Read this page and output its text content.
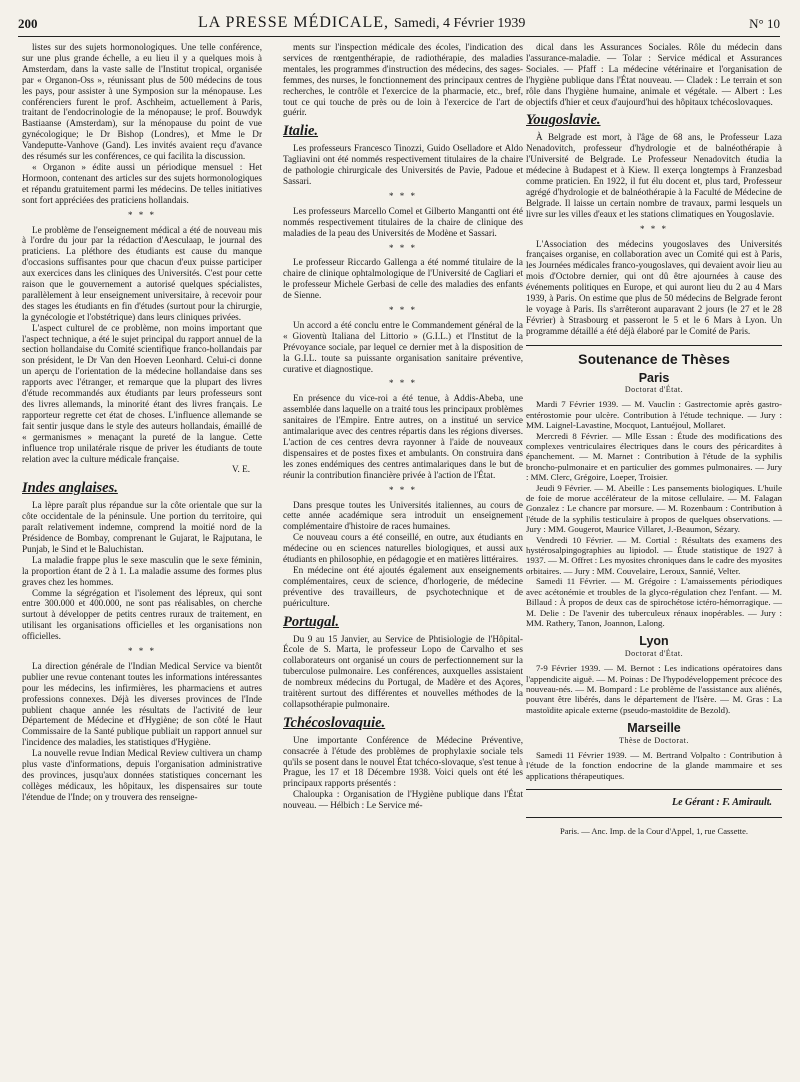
200	LA PRESSE MÉDICALE, Samedi, 4 Février 1939	N° 10

listes sur des sujets hormonologiques. Une telle conférence, sur une plus grande échelle, a eu lieu il y a quelques mois à Amsterdam, dans la vaste salle de l'Institut tropical, organisée par « Organon-Oss », réunissant plus de 500 médecins de tous les pays, pour assister à une Symposion sur la ménopause. Les conférenciers furent le prof. Aschheim, actuellement à Paris, traitant de l'endocrinologie de la ménopause; le prof. Bouwdyk Bastiaanse (Amsterdam), sur la ménopause du point de vue gynécologique; le Dr Bishop (Londres), et Mme le Dr Vandeputte-Vanhove (Gand). Les invités avaient reçu d'avance des résumés sur les conférences, ce qui facilita la discussion.

« Organon » édite aussi un périodique mensuel : Het Hormoon, contenant des articles sur des sujets hormonologiques et répandu gratuitement parmi les médecins. De telles initiatives sont fort appréciées des praticiens hollandais.

* * *

Le problème de l'enseignement médical a été de nouveau mis à l'ordre du jour par la rédaction d'Aesculaap, le journal des praticiens. La pléthore des étudiants est cause du manque d'occasions suffisantes pour que chacun d'eux puisse participer aux exercices dans les cliniques des Universités. C'est pour cette raison que le gouvernement a autorisé quelques spécialistes, parallèlement à leur enseignement universitaire, à recevoir pour des stages les étudiants en fin d'études (surtout pour la chirurgie, la gynécologie et l'obstétrique) dans leurs cliniques privées.

L'aspect culturel de ce problème, non moins important que l'aspect technique, a été le sujet principal du rapport annuel de la section hollandaise du Comité scientifique franco-hollandais par son président, le Dr Van den Hoeven Leonhard. Celui-ci donne un aperçu de l'orientation de la médecine hollandaise dans ses rapports avec l'étranger, et remarque que la plupart des livres d'étude recommandés aux étudiants par leurs professeurs sont des livres allemands, la minorité étant des livres français. Le rapporteur regrette cet état de choses. L'influence allemande se fait sentir jusque dans le style des auteurs hollandais, émaillé de « germanismes » menaçant la pureté de la langue. Cette influence trop unilatérale risque de priver les étudiants de toute relation avec la culture médicale française.

V. E.
Indes anglaises.

La lèpre paraît plus répandue sur la côte orientale que sur la côte occidentale de la péninsule. Une portion du territoire, qui paraît relativement indemne, comprend la moitié nord de la Présidence de Bombay, comprenant le Gujarat, le Rajputana, le Punjab, le Sind et le Baluchistan.

La maladie frappe plus le sexe masculin que le sexe féminin, la proportion étant de 2 à 1. La maladie assume des formes plus graves chez les hommes.

Comme la ségrégation et l'isolement des lépreux, qui sont entre 300.000 et 400.000, ne sont pas réalisables, on cherche surtout à développer de petits centres ruraux de traitement, en utilisant les organisations officielles et les organisations non officielles.

* * *

La direction générale de l'Indian Medical Service va bientôt publier une revue contenant toutes les informations intéressantes pour les médecins, les infirmières, les pharmaciens et autres professions connexes. Déjà les diverses provinces de l'Inde publient chaque année les résultats de l'activité de leur Département de Médecine et d'Hygiène; de son côté le Haut Commissaire de la Santé publique publiait un rapport annuel sur l'incidence des maladies, les statistiques d'Hygiène.

La nouvelle revue Indian Medical Review cultivera un champ plus vaste d'informations, depuis l'organisation administrative des provinces, jusqu'aux données statistiques concernant les collèges médicaux, les hôpitaux, les dispensaires sur toute l'étendue de l'Inde; on y trouvera des renseigne-

ments sur l'inspection médicale des écoles, l'indication des services de rœntgenthérapie, de radiothérapie, des maladies mentales, les programmes d'instruction des médecins, des sages-femmes, des nurses, le fonctionnement des principaux centres de recherches, le contrôle et l'exercice de la pharmacie, etc., bref, tout ce qui touche de près ou de loin à l'exercice de l'art de guérir.

Italie.

Les professeurs Francesco Tinozzi, Guido Oselladore et Aldo Tagliavini ont été nommés respectivement titulaires de la chaire de pathologie chirurgicale des Universités de Pavie, Padoue et Sassari.

* * *

Les professeurs Marcello Comel et Gilberto Mangantti ont été nommés respectivement titulaires de la chaire de clinique des maladies de la peau des Universités de Modène et Sassari.

* * *

Le professeur Riccardo Gallenga a été nommé titulaire de la chaire de clinique ophtalmologique de l'Université de Cagliari et le professeur Michele Gerbasi de celle des maladies des enfants de Sienne.

* * *

Un accord a été conclu entre le Commandement général de la « Gioventù Italiana del Littorio » (G.I.L.) et l'Institut de la Prévoyance sociale, par lequel ce dernier met à la disposition de la G.I.L. toute sa puissante organisation sanitaire préventive, curative et diagnostique.

* * *

En présence du vice-roi a été tenue, à Addis-Abeba, une assemblée dans laquelle on a traité tous les principaux problèmes sanitaires de l'Empire. Entre autres, on a institué un service antimalarique avec des centres répartis dans les régions diverses. L'action de ces centres devra rayonner à l'aide de nouveaux dispensaires et de postes fixes et ambulants. On construira dans les zones endémiques des centres antimalariques dans le but de réunir la contribution financière privée à l'action de l'État.

* * *

Dans presque toutes les Universités italiennes, au cours de cette année académique sera introduit un enseignement complémentaire d'histoire de races humaines.

Ce nouveau cours a été conseillé, en outre, aux étudiants en médecine ou en sciences naturelles biologiques, et aussi aux étudiants en philosophie, en pédagogie et en matières littéraires.

En médecine ont été ajoutés également aux enseignements complémentaires, ceux de science, d'horlogerie, de médecine préventive des travailleurs, de psychotechnique et de puériculture.

Portugal.

Du 9 au 15 Janvier, au Service de Phtisiologie de l'Hôpital-École de S. Marta, le professeur Lopo de Carvalho et ses collaborateurs ont organisé un cours de perfectionnement sur la tuberculose pulmonaire. Les conférences, auxquelles assistaient de nombreux médecins du Portugal, de Madère et des Açores, traitèrent surtout des différentes et nouvelles méthodes de la collapsothérapie pulmonaire.

Tchécoslovaquie.

Une importante Conférence de Médecine Préventive, consacrée à l'étude des problèmes de prophylaxie sociale tels qu'ils se posent dans le nouvel État tchéco-slovaque, s'est tenue à Prague, les 17 et 18 Décembre 1938. Voici quels ont été les principaux rapports présentés :

Chaloupka : Organisation de l'Hygiène publique dans l'État nouveau. — Hélbich : Le Service mé-

dical dans les Assurances Sociales. Rôle du médecin dans l'assurance-maladie. — Tolar : Service médical et Assurances Sociales. — Pfaff : La médecine vétérinaire et l'organisation de l'hygiène publique dans l'État nouveau. — Cladek : Le terrain et son rôle dans l'hygiène humaine, animale et végétale. — Albert : Les objectifs d'hier et ceux d'aujourd'hui des hôpitaux tchécoslovaques.

Yougoslavie.

À Belgrade est mort, à l'âge de 68 ans, le Professeur Laza Nenadovitch, professeur d'hydrologie et de balnéothérapie à l'Université de Belgrade. Le Professeur Nenadovitch étudia la médecine à Budapest et à Kiew. Il exerça longtemps à Franzesbad comme praticien. En 1922, il fut élu docent et, plus tard, Professeur agrégé d'hydrologie et de balnéothérapie à la Faculté de Médecine de Belgrade. Il laisse un certain nombre de travaux, parmi lesquels un livre sur les villes d'eaux et les stations climatiques en Yougoslavie.

* * *

L'Association des médecins yougoslaves des Universités françaises organise, en collaboration avec un Comité qui est à Paris, les Journées médicales franco-yougoslaves, qui devaient avoir lieu au mois d'Octobre dernier, qui ont dû être ajournées à cause des événements politiques en Europe, et qui auront lieu du 2 au 4 Mars 1939, à Paris. On estime que plus de 50 médecins de Belgrade feront le voyage à Paris. Ils s'arrêteront auparavant 2 jours (le 27 et le 28 Février) à Strasbourg et passeront le 5 et le 6 Mars à Lyon. Un programme détaillé a été déjà élaboré par le Comité de Paris.

Soutenance de Thèses
Paris
Doctorat d'État.

Mardi 7 Février 1939. — M. Vauclin : Gastrectomie après gastro-entérostomie pour ulcère. Contribution à l'étude technique. — Jury : MM. Laignel-Lavastine, Mocquot, Lantuéjoul, Mollaret.

Mercredi 8 Février. — Mlle Essan : Étude des modifications des complexes ventriculaires électriques dans le cours des péricardites à épanchement. — M. Marnet : Contribution à l'étude de la syphilis broncho-pulmonaire et en particulier des gommes pulmonaires. — Jury : MM. Clerc, Grégoire, Loeper, Troisier.

Jeudi 9 Février. — M. Abeille : Les pansements biologiques. L'huile de foie de morue accélérateur de la mitose cellulaire. — M. Falagan Gonzalez : Le chancre par morsure. — M. Rozenbaum : Contribution à l'étude de la syphilis testiculaire à propos de quelques observations. — Jury : MM. Gougerot, Maurice Villaret, J.-Beaumon, Sézary.

Vendredi 10 Février. — M. Cortial : Résultats des examens des hystérosalpingographies au lipiodol. — Étude statistique de 1927 à 1937. — M. Offret : Les myosites chroniques dans le cadre des myosites orbitaires. — Jury : MM. Couvelaire, Leroux, Sannié, Velter.

Samedi 11 Février. — M. Grégoire : L'amaissements périodiques avec acétonémie et troubles de la glyco-régulation chez l'enfant. — M. Billaud : À propos de deux cas de spirochétose ictéro-hémorragique. — M. Delie : De l'avenir des tuberculeux rénaux inopérables. — Jury : MM. Rathery, Tanon, Joannon, Lalong.

Lyon
Doctorat d'État.

7-9 Février 1939. — M. Bernot : Les indications opératoires dans l'appendicite aiguë. — M. Poinas : De l'hypodéveloppement précoce des nouveau-nés. — M. Bompard : Le problème de l'assistance aux aliénés, pouvant être libérés, dans le département de l'Isère. — M. Gras : La mastoïdite apicale externe (pseudo-mastoïdite de Bezold).

Marseille
Thèse de Doctorat.

Samedi 11 Février 1939. — M. Bertrand Volpalto : Contribution à l'étude de la fonction endocrine de la glande mammaire et ses applications thérapeutiques.

Le Gérant : F. Amirault.
Paris. — Anc. Imp. de la Cour d'Appel, 1, rue Cassette.
